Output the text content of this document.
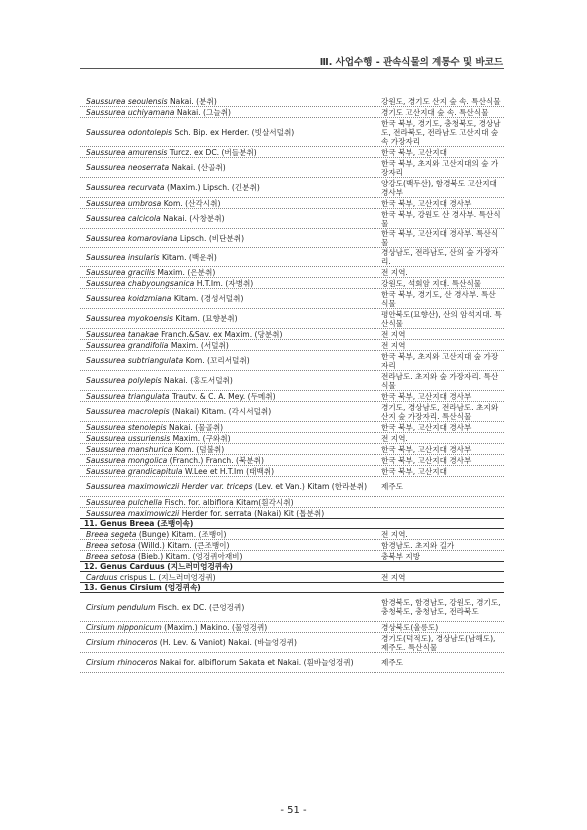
Ⅲ. 사업수행 - 관속식물의 계통수 및 바코드
Saussurea seoulensis Nakai. (분취)	강원도, 경기도 산지 숲 속. 특산식물
Saussurea uchiyamana Nakai. (그늘취)	경기도 고산지대 숲 속. 특산식물
Saussurea odontolepis Sch. Bip. ex Herder. (빗살서덜취)	한국 북부, 경기도, 충청북도, 경상남도, 전라북도, 전라남도 고산지대 숲 속 가장자리
Saussurea amurensis Turcz. ex DC. (버들분취)	한국 북부, 고산지대
Saussurea neoserrata Nakai. (산골취)	한국 북부, 초지와 고산지대의 숲 가장자리
Saussurea recurvata (Maxim.) Lipsch. (긴분취)	양강도(백두산), 함경북도 고산지대 경사부
Saussurea umbrosa Kom. (산각시취)	한국 북부, 고산지대 경사부
Saussurea calcicola Nakai. (사창분취)	한국 북부, 강원도 산 경사부. 특산식물
Saussurea komaroviana Lipsch. (비단분취)	한국 북부, 고산지대 경사부. 특산식물
Saussurea insularis Kitam. (백운취)	경상남도, 전라남도, 산의 숲 가장자리.
Saussurea gracilis Maxim. (은분취)	전 지역.
Saussurea chabyoungsanica H.T.Im. (자병취)	강원도, 석회암 지대. 특산식물
Saussurea koidzmiana Kitam. (경성서덜취)	한국 북부, 경기도, 산 경사부. 특산식물
Saussurea myokoensis Kitam. (묘향분취)	평안북도(묘향산), 산의 암석지대. 특산식물
Saussurea tanakae Franch.&Sav. ex Maxim. (당분취)	전 지역
Saussurea grandifolia Maxim. (서덜취)	전 지역
Saussurea subtriangulata Kom. (꼬리서덜취)	한국 북부, 초지와 고산지대 숲 가장자리
Saussurea polylepis Nakai. (홍도서덜취)	전라남도. 초지와 숲 가장자리. 특산식물
Saussurea triangulata Trautv. & C. A. Mey. (두메취)	한국 북부, 고산지대 경사부
Saussurea macrolepis (Nakai) Kitam. (각시서덜취)	경기도, 경상남도, 전라남도. 초지와 산지 숲 가장자리. 특산식물
Saussurea stenolepis Nakai. (물골취)	한국 북부, 고산지대 경사부
Saussurea ussuriensis Maxim. (구와취)	전 지역.
Saussurea manshurica Kom. (덤불취)	한국 북부, 고산지대 경사부
Saussurea mongolica (Franch.) Franch. (북분취)	한국 북부, 고산지대 경사부
Saussurea grandicapitula W.Lee et H.T.Im (태백취)	한국 북부, 고산지대
Saussurea maximowiczii Herder var. triceps (Lev. et Van.) Kitam (한라분취)	제주도
Saussurea pulchella Fisch. for. albiflora Kitam(흰각시취)	
Saussurea maximowiczii Herder for. serrata (Nakai) Kit (톱분취)	
11. Genus Breea (조뱅이속)	
Breea segeta (Bunge) Kitam. (조뱅이)	전 지역.
Breea setosa (Willd.) Kitam. (큰조뱅이)	함경남도. 초지와 길가
Breea setosa (Bieb.) Kitam. (엉겅퀴아재비)	충북부 지방
12. Genus Carduus (지느러미엉겅퀴속)	
Carduus crispus L. (지느러미엉겅퀴)	전 지역
13. Genus Cirsium (엉겅퀴속)	
Cirsium pendulum Fisch. ex DC. (큰엉겅퀴)	함경북도, 함경남도, 강원도, 경기도, 충청북도, 충청남도, 전라북도
Cirsium nipponicum (Maxim.) Makino. (물엉겅퀴)	경상북도(울릉도)
Cirsium rhinoceros (H. Lev. & Vaniot) Nakai. (바늘엉겅퀴)	경기도(덕적도), 경상남도(남해도), 제주도. 특산식물
Cirsium rhinoceros Nakai for. albiflorum Sakata et Nakai. (흰바늘엉겅퀴)	제주도
- 51 -
